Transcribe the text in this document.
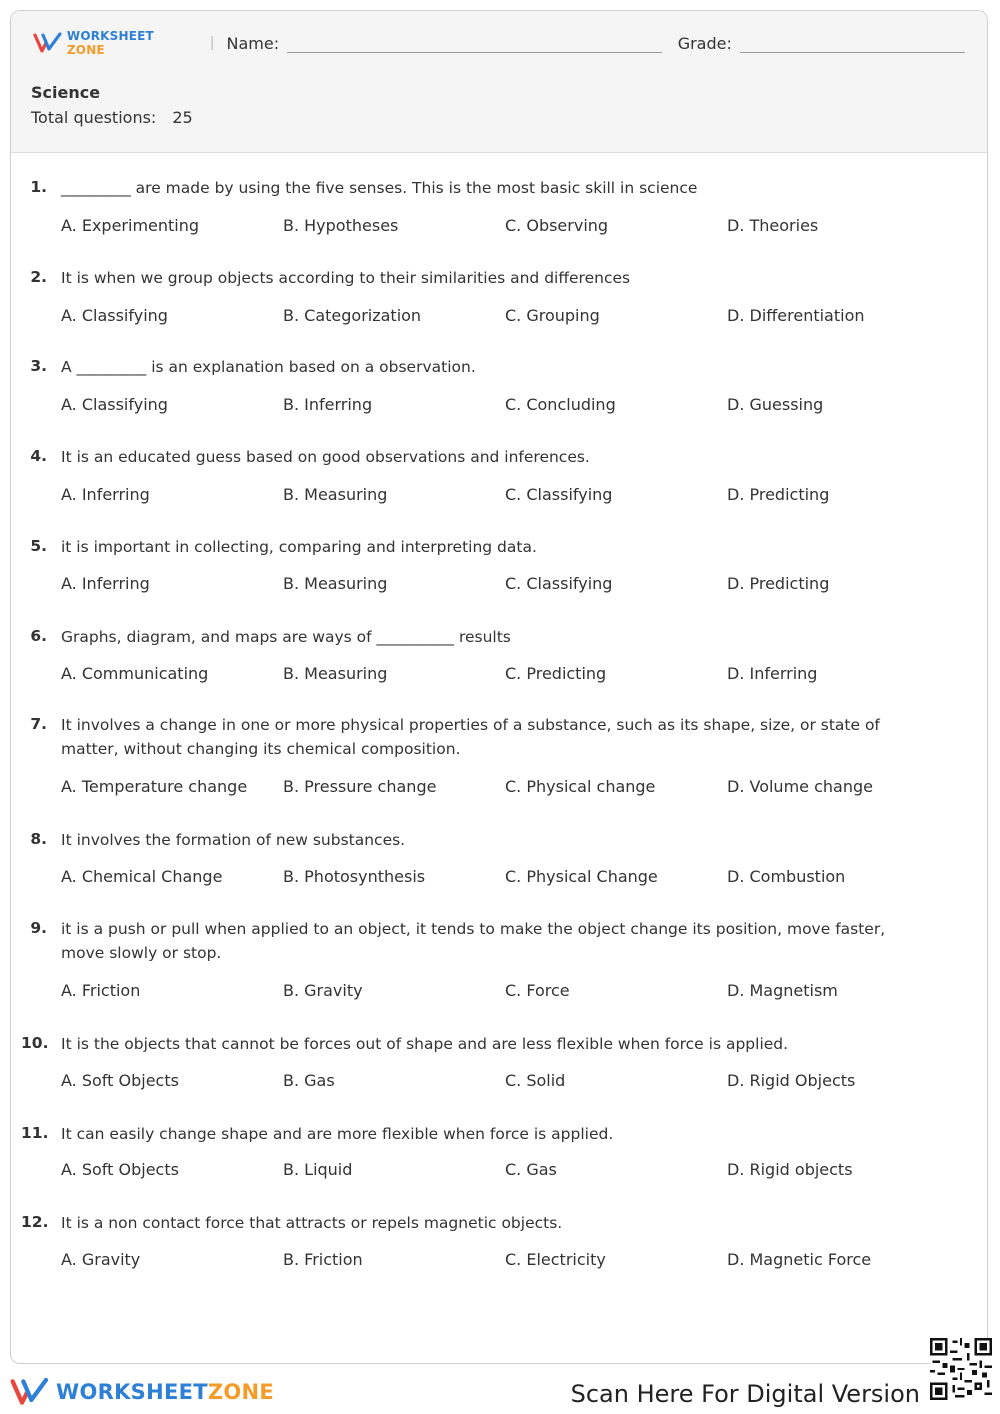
WORKSHEET ZONE	| Name:	Grade:
Science
Total questions: 25
1. _________ are made by using the five senses. This is the most basic skill in science
A. Experimenting	B. Hypotheses	C. Observing	D. Theories
2. It is when we group objects according to their similarities and differences
A. Classifying	B. Categorization	C. Grouping	D. Differentiation
3. A _________ is an explanation based on a observation.
A. Classifying	B. Inferring	C. Concluding	D. Guessing
4. It is an educated guess based on good observations and inferences.
A. Inferring	B. Measuring	C. Classifying	D. Predicting
5. it is important in collecting, comparing and interpreting data.
A. Inferring	B. Measuring	C. Classifying	D. Predicting
6. Graphs, diagram, and maps are ways of __________ results
A. Communicating	B. Measuring	C. Predicting	D. Inferring
7. It involves a change in one or more physical properties of a substance, such as its shape, size, or state of matter, without changing its chemical composition.
A. Temperature change B. Pressure change	C. Physical change	D. Volume change
8. It involves the formation of new substances.
A. Chemical Change	B. Photosynthesis	C. Physical Change	D. Combustion
9. it is a push or pull when applied to an object, it tends to make the object change its position, move faster, move slowly or stop.
A. Friction	B. Gravity	C. Force	D. Magnetism
10. It is the objects that cannot be forces out of shape and are less flexible when force is applied.
A. Soft Objects	B. Gas	C. Solid	D. Rigid Objects
11. It can easily change shape and are more flexible when force is applied.
A. Soft Objects	B. Liquid	C. Gas	D. Rigid objects
12. It is a non contact force that attracts or repels magnetic objects.
A. Gravity	B. Friction	C. Electricity	D. Magnetic Force
WORKSHEETZONE	Scan Here For Digital Version
